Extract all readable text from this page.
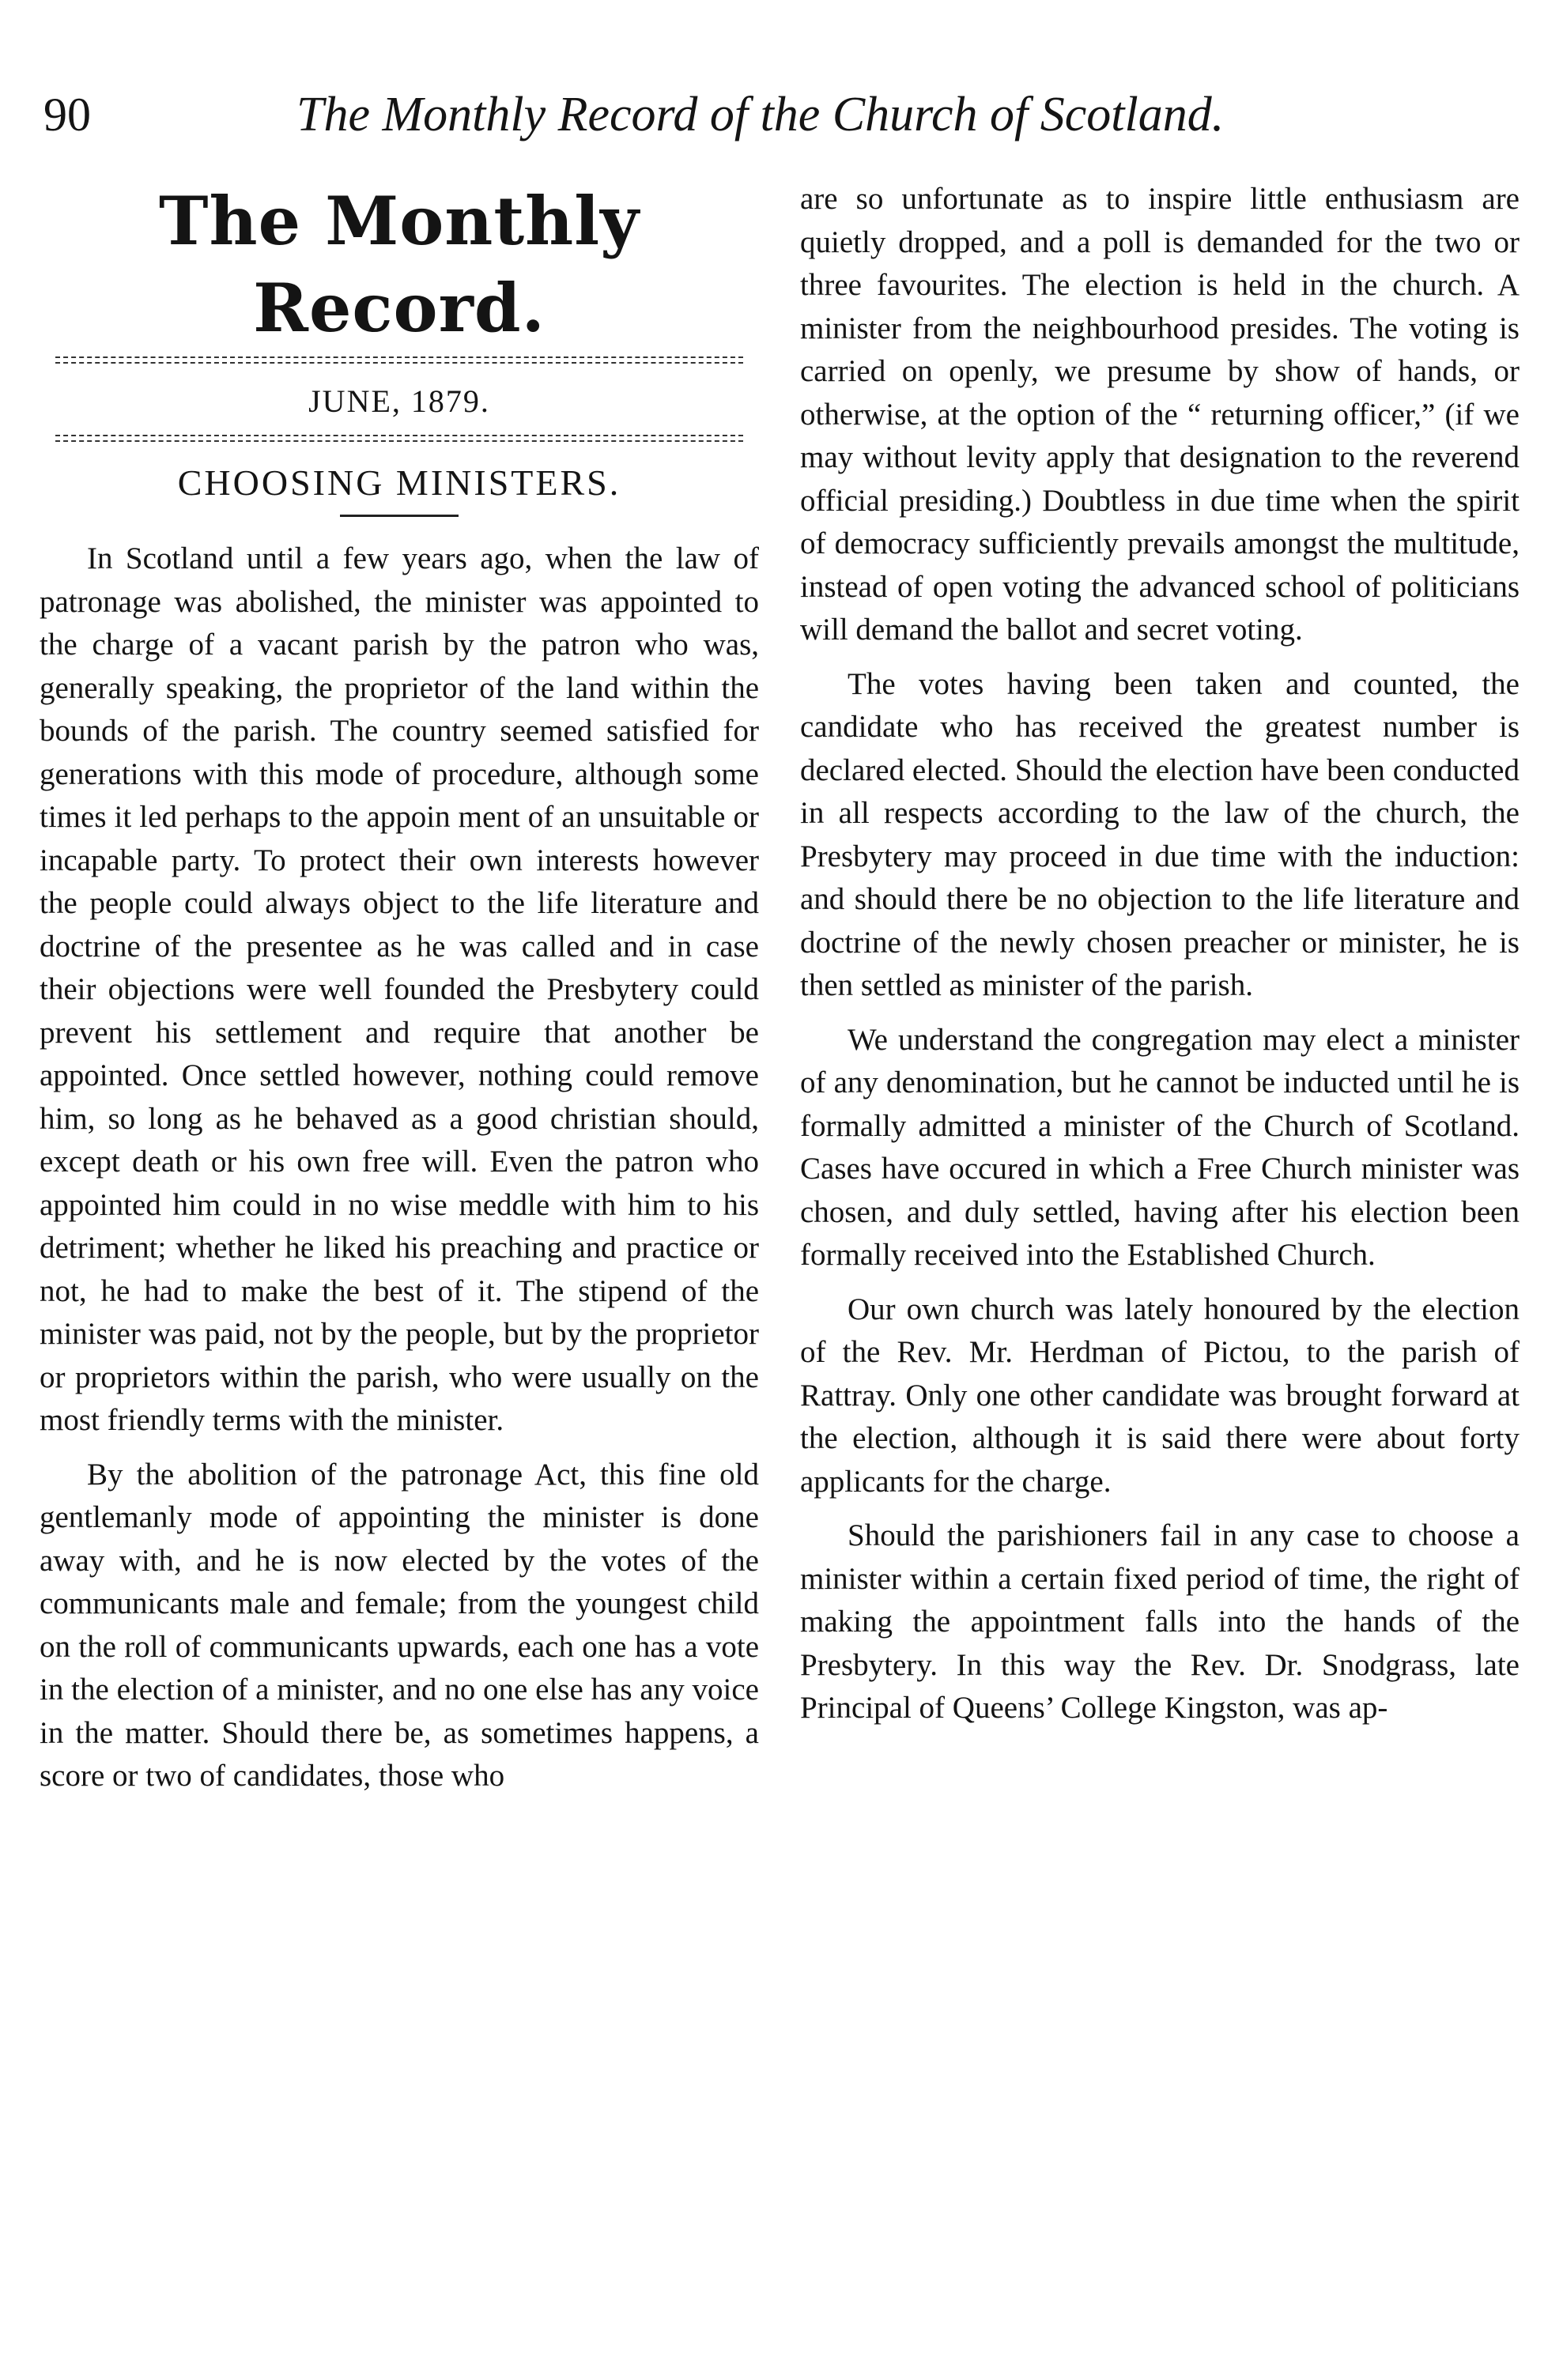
90	The Monthly Record of the Church of Scotland.
The Monthly Record.
JUNE, 1879.
CHOOSING MINISTERS.

In Scotland until a few years ago, when the law of patronage was abolished, the minister was appointed to the charge of a vacant parish by the patron who was, generally speaking, the proprietor of the land within the bounds of the parish. The country seemed satisfied for generations with this mode of procedure, although some times it led perhaps to the appoin ment of an unsuitable or incapable party. To protect their own interests however the people could always object to the life literature and doctrine of the presentee as he was called and in case their objections were well founded the Presbytery could prevent his settlement and require that another be appointed. Once settled however, nothing could remove him, so long as he behaved as a good christian should, except death or his own free will. Even the patron who appointed him could in no wise meddle with him to his detriment; whether he liked his preaching and practice or not, he had to make the best of it. The stipend of the minister was paid, not by the people, but by the proprietor or proprietors within the parish, who were usually on the most friendly terms with the minister.

By the abolition of the patronage Act, this fine old gentlemanly mode of appointing the minister is done away with, and he is now elected by the votes of the communicants male and female; from the youngest child on the roll of communicants upwards, each one has a vote in the election of a minister, and no one else has any voice in the matter. Should there be, as sometimes happens, a score or two of candidates, those who

are so unfortunate as to inspire little enthusiasm are quietly dropped, and a poll is demanded for the two or three favourites. The election is held in the church. A minister from the neighbourhood presides. The voting is carried on openly, we presume by show of hands, or otherwise, at the option of the “ returning officer,” (if we may without levity apply that designation to the reverend official presiding.) Doubtless in due time when the spirit of democracy sufficiently prevails amongst the multitude, instead of open voting the advanced school of politicians will demand the ballot and secret voting.

The votes having been taken and counted, the candidate who has received the greatest number is declared elected. Should the election have been conducted in all respects according to the law of the church, the Presbytery may proceed in due time with the induction: and should there be no objection to the life literature and doctrine of the newly chosen preacher or minister, he is then settled as minister of the parish.

We understand the congregation may elect a minister of any denomination, but he cannot be inducted until he is formally admitted a minister of the Church of Scotland. Cases have occured in which a Free Church minister was chosen, and duly settled, having after his election been formally received into the Established Church.

Our own church was lately honoured by the election of the Rev. Mr. Herdman of Pictou, to the parish of Rattray. Only one other candidate was brought forward at the election, although it is said there were about forty applicants for the charge.

Should the parishioners fail in any case to choose a minister within a certain fixed period of time, the right of making the appointment falls into the hands of the Presbytery. In this way the Rev. Dr. Snodgrass, late Principal of Queens’ College Kingston, was ap-
